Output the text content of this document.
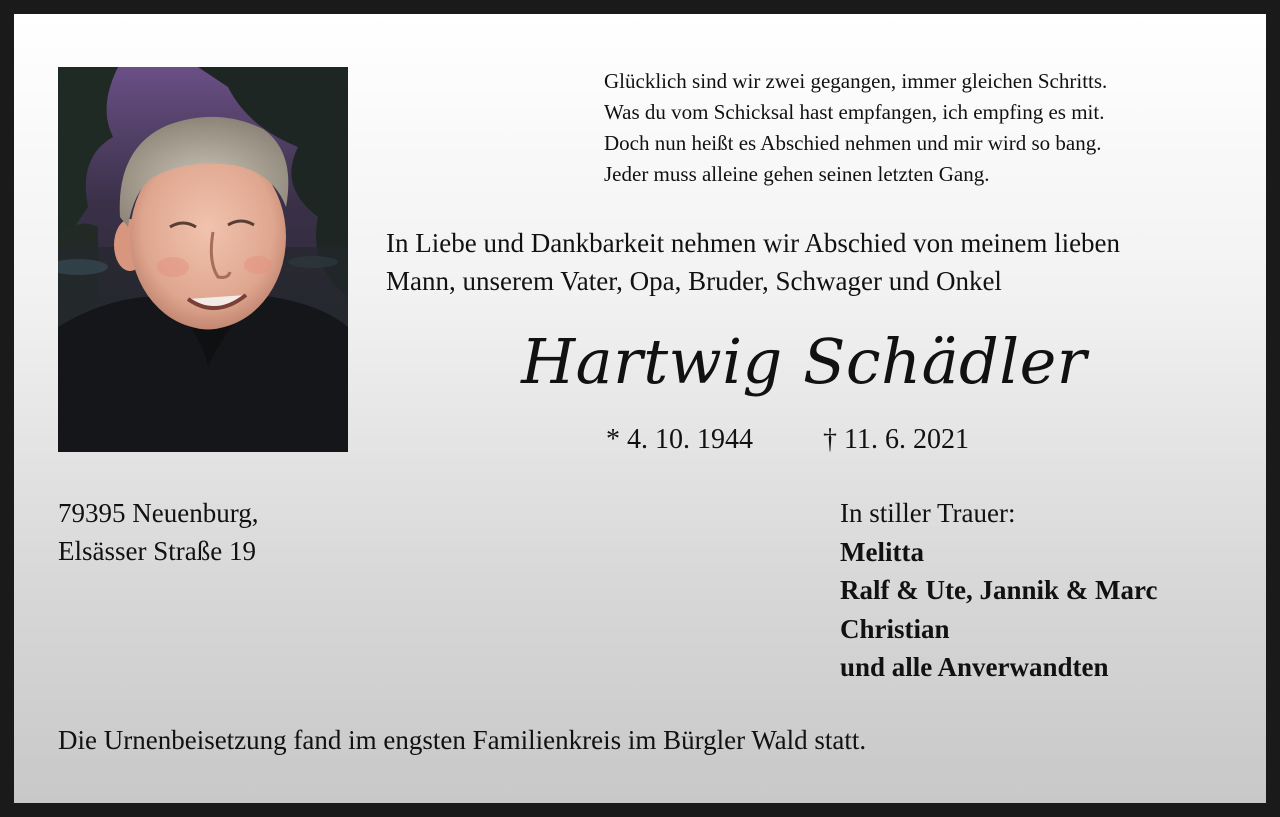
Glücklich sind wir zwei gegangen, immer gleichen Schritts.
Was du vom Schicksal hast empfangen, ich empfing es mit.
Doch nun heißt es Abschied nehmen und mir wird so bang.
Jeder muss alleine gehen seinen letzten Gang.
In Liebe und Dankbarkeit nehmen wir Abschied von meinem lieben
Mann, unserem Vater, Opa, Bruder, Schwager und Onkel
Hartwig Schädler
* 4. 10. 1944	† 11. 6. 2021
79395 Neuenburg,
Elsässer Straße 19
In stiller Trauer:
Melitta
Ralf & Ute, Jannik & Marc
Christian
und alle Anverwandten
Die Urnenbeisetzung fand im engsten Familienkreis im Bürgler Wald statt.
